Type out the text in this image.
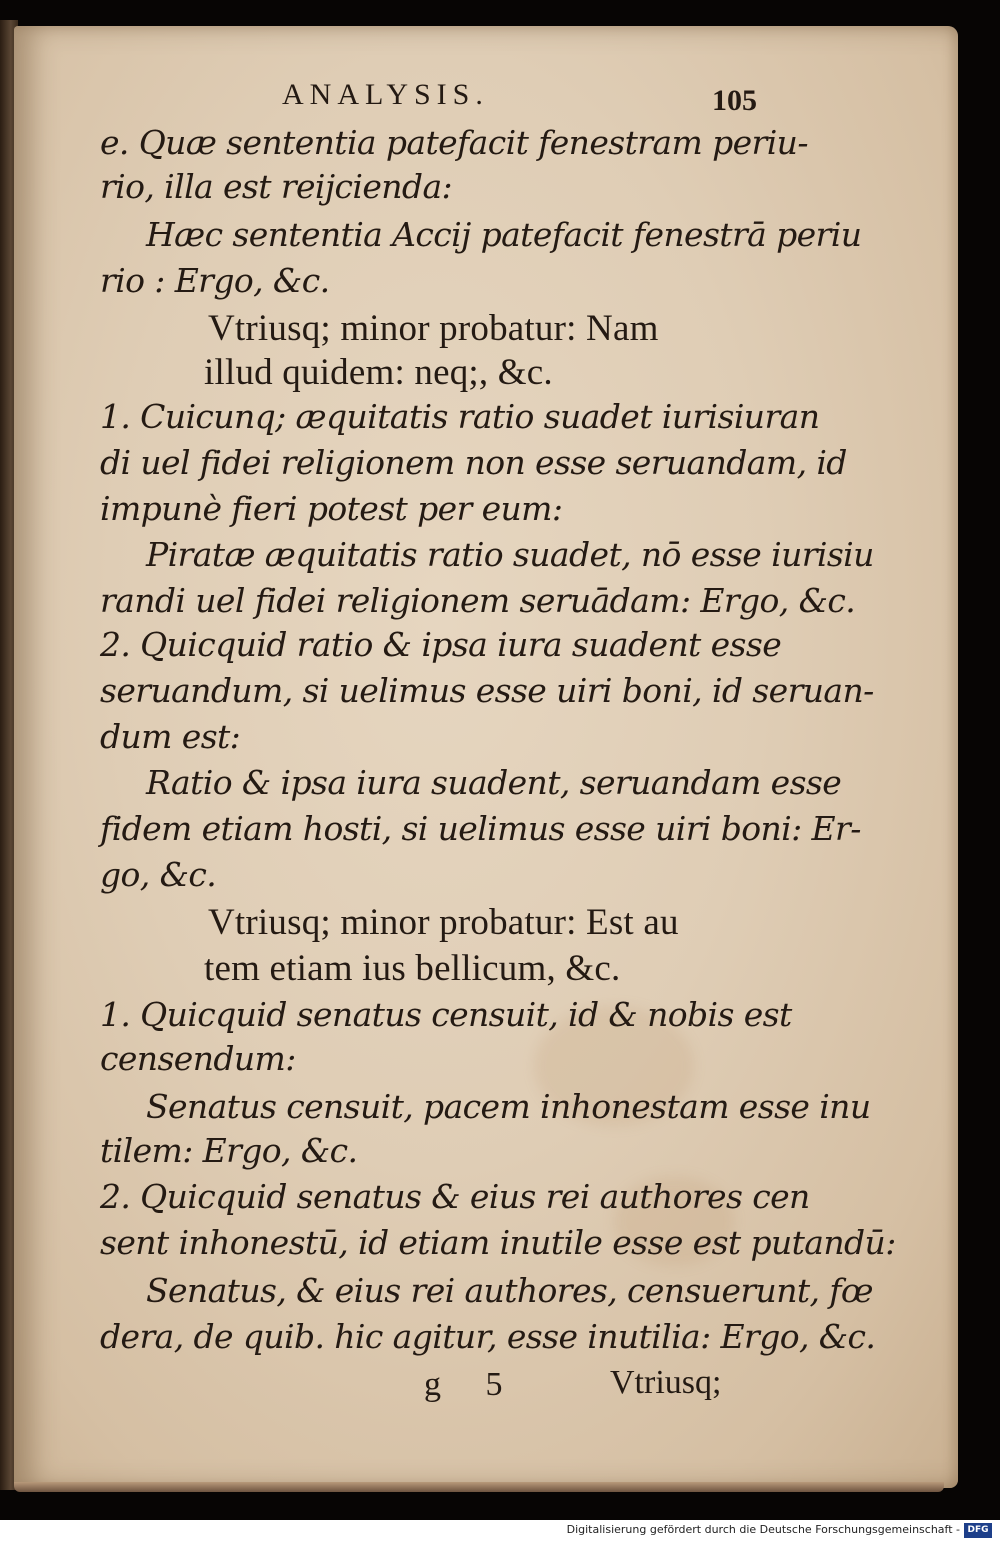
ANALYSIS.	105
e. Quæ sententia patefacit fenestram periu-
rio, illa est reijcienda:
Hæc sententia Accij patefacit fenestrā periu
rio : Ergo, &c.
Vtriusq; minor probatur: Nam
illud quidem: neq;, &c.
1. Cuicunq; æquitatis ratio suadet iurisiuran
di uel fidei religionem non esse seruandam, id
impunè fieri potest per eum:
Piratæ æquitatis ratio suadet, nō esse iurisiu
randi uel fidei religionem seruādam: Ergo, &c.
2. Quicquid ratio & ipsa iura suadent esse
seruandum, si uelimus esse uiri boni, id seruan-
dum est:
Ratio & ipsa iura suadent, seruandam esse
fidem etiam hosti, si uelimus esse uiri boni: Er-
go, &c.
Vtriusq; minor probatur: Est au
tem etiam ius bellicum, &c.
1. Quicquid senatus censuit, id & nobis est
censendum:
Senatus censuit, pacem inhonestam esse inu
tilem: Ergo, &c.
2. Quicquid senatus & eius rei authores cen
sent inhonestū, id etiam inutile esse est putandū:
Senatus, & eius rei authores, censuerunt, fœ
dera, de quib. hic agitur, esse inutilia: Ergo, &c.
g 5	Vtriusq;
Digitalisierung gefördert durch die Deutsche Forschungsgemeinschaft - DFG
